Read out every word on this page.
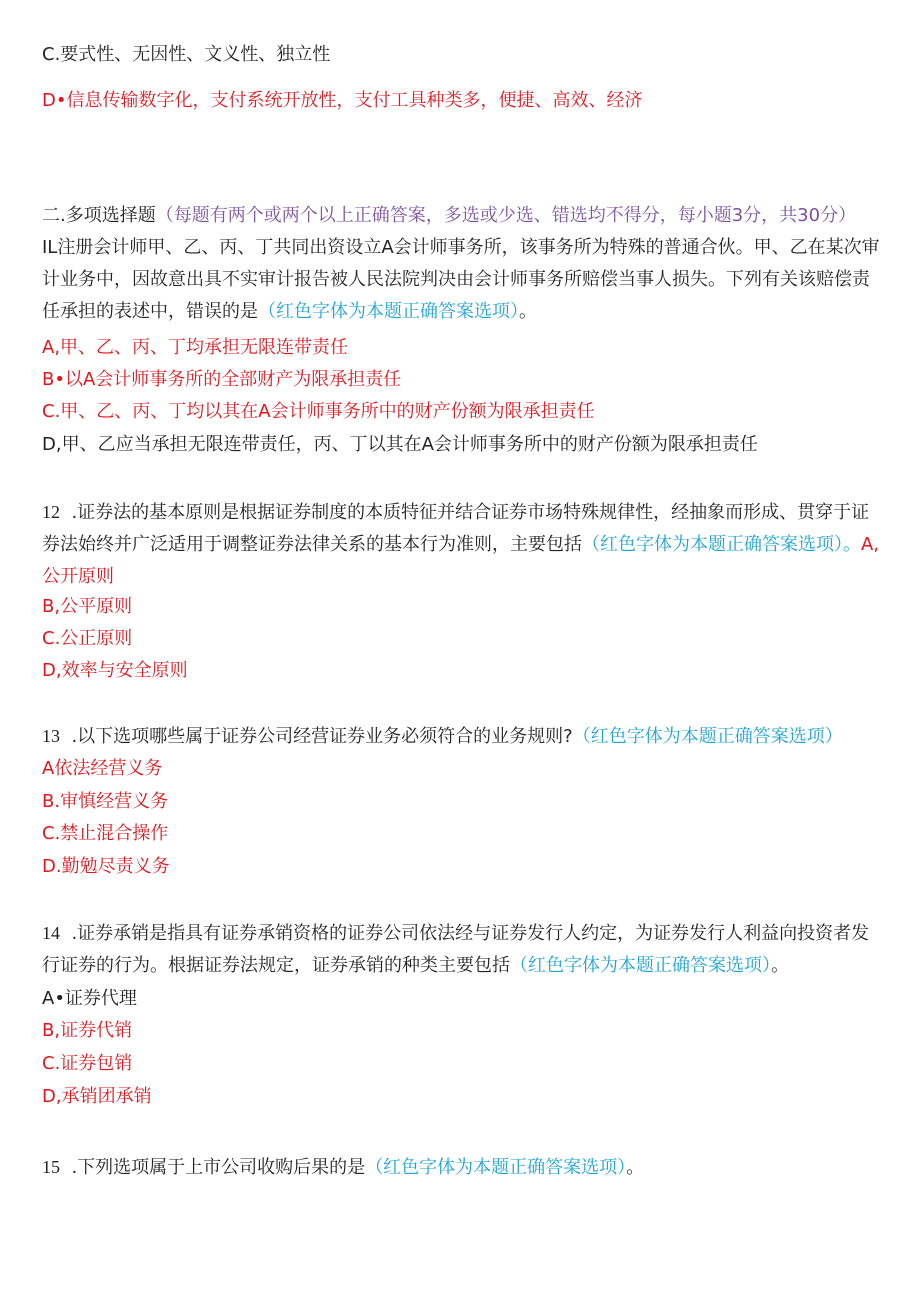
C.要式性、无因性、文义性、独立性
D•信息传输数字化，支付系统开放性，支付工具种类多，便捷、高效、经济
二.多项选择题（每题有两个或两个以上正确答案，多选或少选、错选均不得分，每小题3分，共30分）
IL注册会计师甲、乙、丙、丁共同出资设立A会计师事务所，该事务所为特殊的普通合伙。甲、乙在某次审计业务中，因故意出具不实审计报告被人民法院判决由会计师事务所赔偿当事人损失。下列有关该赔偿责任承担的表述中，错误的是（红色字体为本题正确答案选项）。
A,甲、乙、丙、丁均承担无限连带责任
B•以A会计师事务所的全部财产为限承担责任
C.甲、乙、丙、丁均以其在A会计师事务所中的财产份额为限承担责任
D,甲、乙应当承担无限连带责任，丙、丁以其在A会计师事务所中的财产份额为限承担责任
12 .证券法的基本原则是根据证券制度的本质特征并结合证券市场特殊规律性，经抽象而形成、贯穿于证券法始终并广泛适用于调整证券法律关系的基本行为准则，主要包括（红色字体为本题正确答案选项）。A,公开原则
B,公平原则
C.公正原则
D,效率与安全原则
13 .以下选项哪些属于证券公司经营证券业务必须符合的业务规则?（红色字体为本题正确答案选项）
A依法经营义务
B.审慎经营义务
C.禁止混合操作
D.勤勉尽责义务
14 .证券承销是指具有证券承销资格的证券公司依法经与证券发行人约定，为证券发行人利益向投资者发行证券的行为。根据证券法规定，证券承销的种类主要包括（红色字体为本题正确答案选项）。
A•证券代理
B,证券代销
C.证券包销
D,承销团承销
15 .下列选项属于上市公司收购后果的是（红色字体为本题正确答案选项）。
